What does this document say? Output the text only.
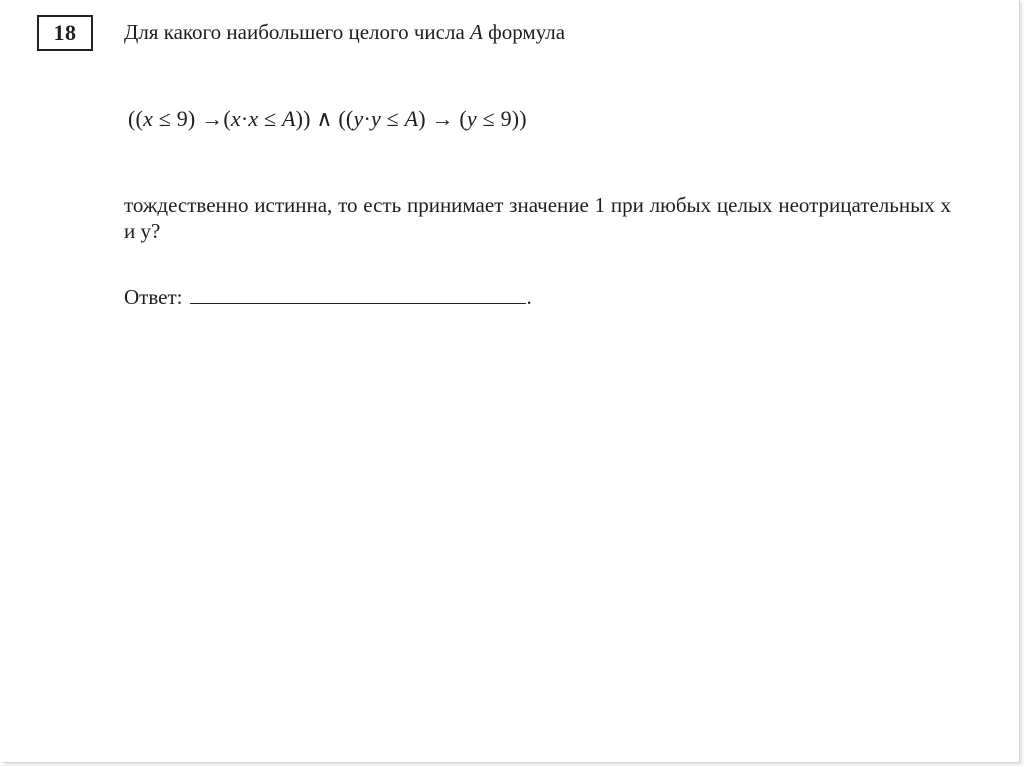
18 Для какого наибольшего целого числа A формула
((x ≤ 9) →(x·x ≤ A)) ∧ ((y·y ≤ A) → (y ≤ 9))
тождественно истинна, то есть принимает значение 1 при любых целых неотрицательных x и y?
Ответ:	.
